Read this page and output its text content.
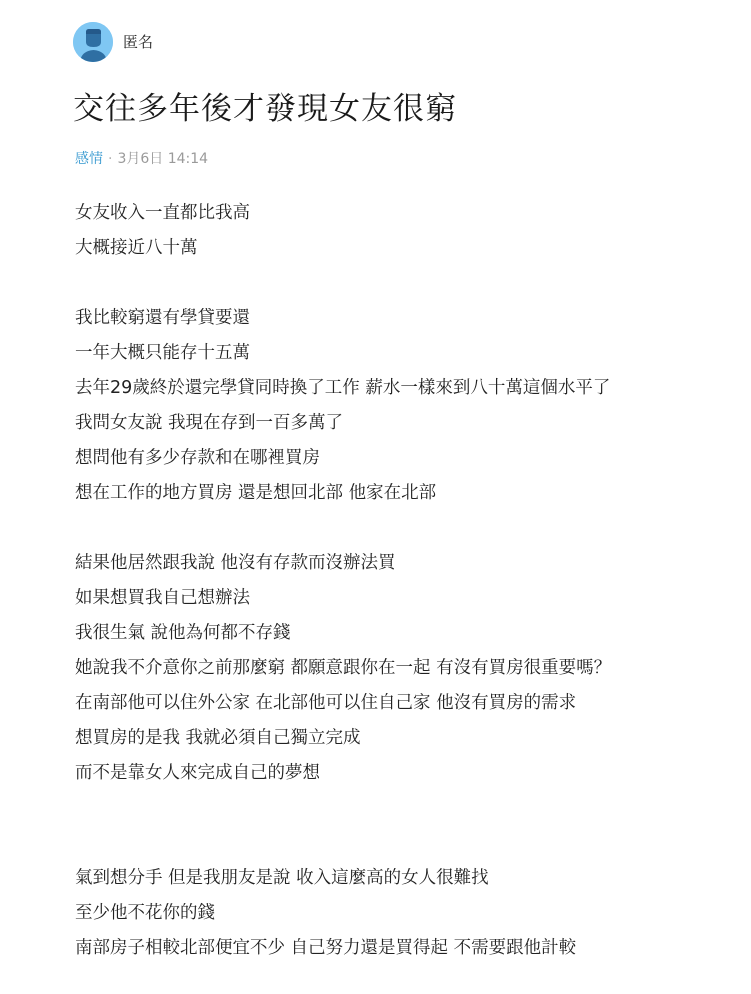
匿名
交往多年後才發現女友很窮
感情 · 3月6日 14:14
女友收入一直都比我高
大概接近八十萬
我比較窮還有學貸要還
一年大概只能存十五萬
去年29歲終於還完學貸同時換了工作 薪水一樣來到八十萬這個水平了
我問女友說 我現在存到一百多萬了
想問他有多少存款和在哪裡買房
想在工作的地方買房 還是想回北部 他家在北部
結果他居然跟我說 他沒有存款而沒辦法買
如果想買我自己想辦法
我很生氣 說他為何都不存錢
她說我不介意你之前那麼窮 都願意跟你在一起 有沒有買房很重要嗎？
在南部他可以住外公家 在北部他可以住自己家 他沒有買房的需求
想買房的是我 我就必須自己獨立完成
而不是靠女人來完成自己的夢想
氣到想分手 但是我朋友是說 收入這麼高的女人很難找
至少他不花你的錢
南部房子相較北部便宜不少 自己努力還是買得起 不需要跟他計較
